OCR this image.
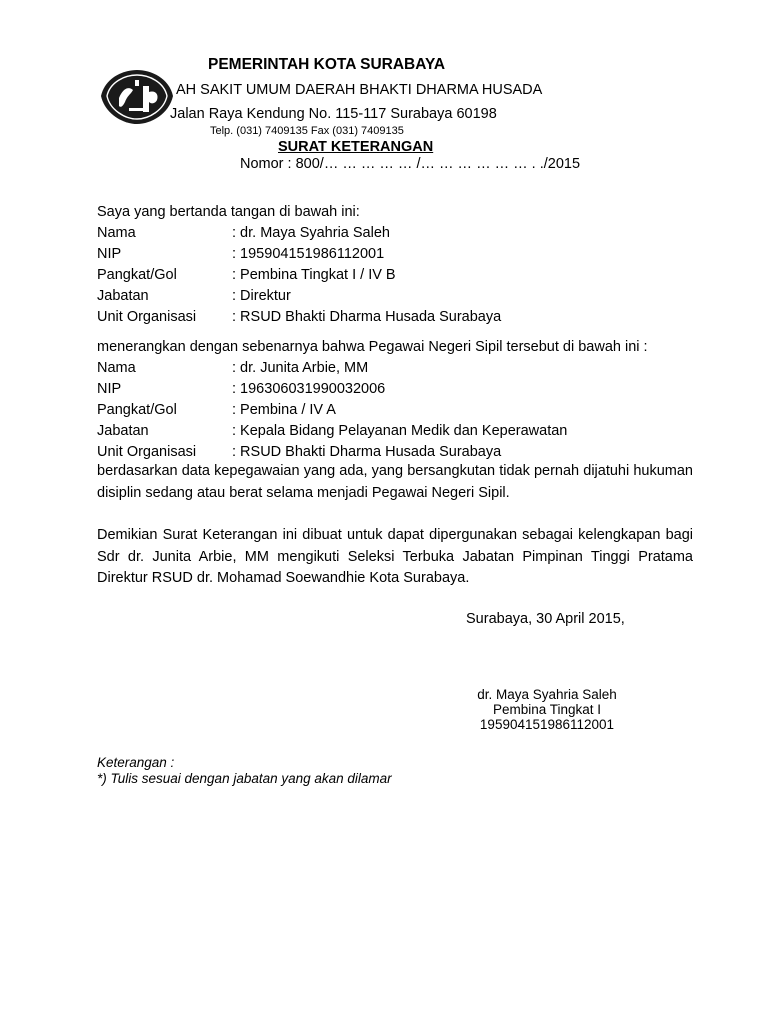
PEMERINTAH KOTA SURABAYA
AH SAKIT UMUM DAERAH BHAKTI DHARMA HUSADA
Jalan Raya Kendung No. 115-117 Surabaya 60198
Telp. (031) 7409135 Fax (031) 7409135
SURAT KETERANGAN
Nomor : 800/… … … … … /… … … … … … . ./2015
Saya yang bertanda tangan di bawah ini:
Nama	: dr. Maya Syahria Saleh
NIP	: 195904151986112001
Pangkat/Gol	: Pembina Tingkat I / IV B
Jabatan	: Direktur
Unit Organisasi : RSUD Bhakti Dharma Husada Surabaya
menerangkan dengan sebenarnya bahwa Pegawai Negeri Sipil tersebut di bawah ini :
Nama	: dr. Junita Arbie, MM
NIP	: 196306031990032006
Pangkat/Gol	: Pembina / IV A
Jabatan	: Kepala Bidang Pelayanan Medik dan Keperawatan
Unit Organisasi : RSUD Bhakti Dharma Husada Surabaya
berdasarkan data kepegawaian yang ada, yang bersangkutan tidak pernah dijatuhi hukuman disiplin sedang atau berat selama menjadi Pegawai Negeri Sipil.
Demikian Surat Keterangan ini dibuat untuk dapat dipergunakan sebagai kelengkapan bagi Sdr dr. Junita Arbie, MM mengikuti Seleksi Terbuka Jabatan Pimpinan Tinggi Pratama Direktur RSUD dr. Mohamad Soewandhie Kota Surabaya.
Surabaya, 30 April 2015,
dr. Maya Syahria Saleh
Pembina Tingkat I
195904151986112001
Keterangan :
*) Tulis sesuai dengan jabatan yang akan dilamar
